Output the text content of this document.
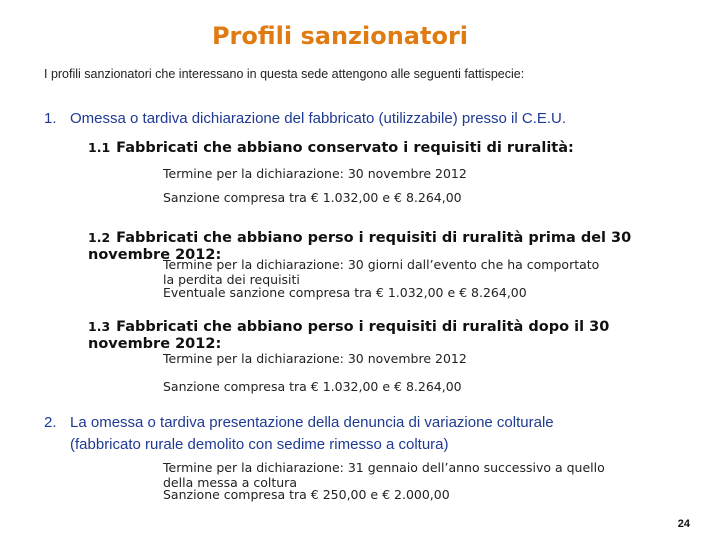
Profili sanzionatori
I profili sanzionatori che interessano in questa sede attengono alle seguenti fattispecie:
1. Omessa o tardiva dichiarazione del fabbricato (utilizzabile) presso il C.E.U.
1.1 Fabbricati che abbiano conservato i requisiti di ruralità:
Termine per la dichiarazione: 30 novembre 2012
Sanzione compresa tra € 1.032,00 e € 8.264,00
1.2 Fabbricati che abbiano perso i requisiti di ruralità prima del 30
novembre 2012:
Termine per la dichiarazione: 30 giorni dall’evento che ha comportato
la perdita dei requisiti
Eventuale sanzione compresa tra € 1.032,00 e € 8.264,00
1.3 Fabbricati che abbiano perso i requisiti di ruralità dopo il 30
novembre 2012:
Termine per la dichiarazione: 30 novembre 2012
Sanzione compresa tra € 1.032,00 e € 8.264,00
2. La omessa o tardiva presentazione della denuncia di variazione colturale
(fabbricato rurale demolito con sedime rimesso a coltura)
Termine per la dichiarazione: 31 gennaio dell’anno successivo a quello
della messa a coltura
Sanzione compresa tra € 250,00 e € 2.000,00
24
